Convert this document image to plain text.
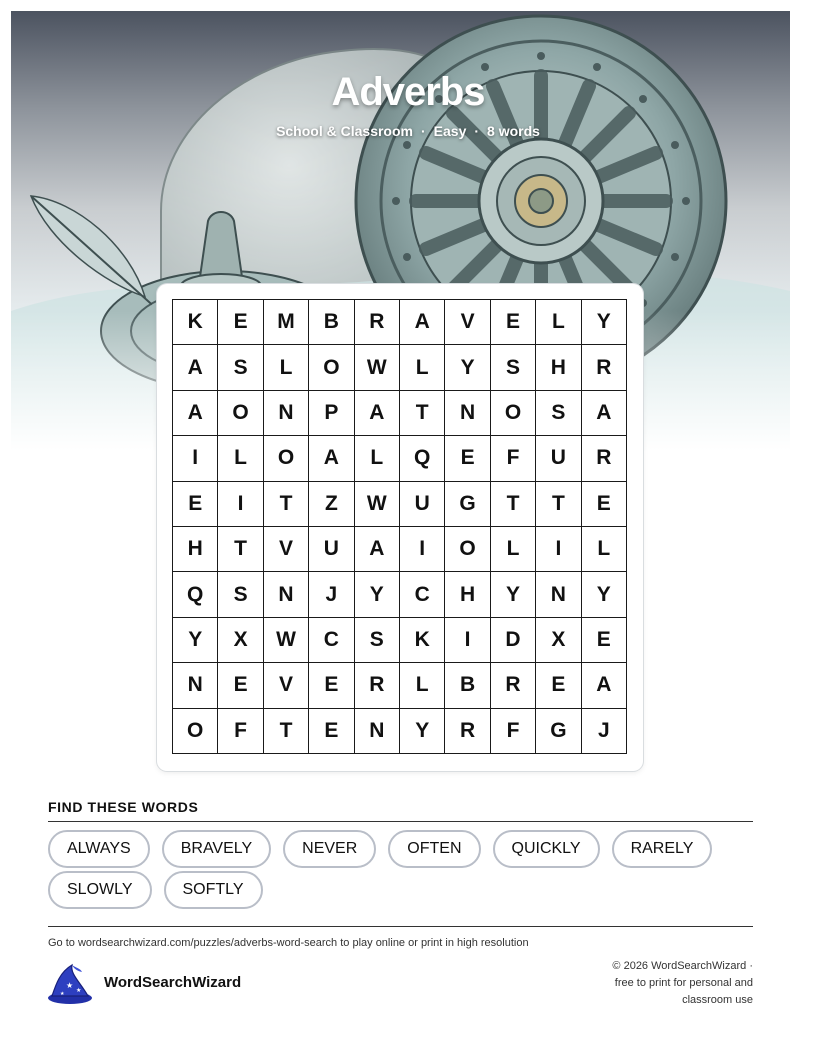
Adverbs
School & Classroom · Easy · 8 words
K	E	M	B	R	A	V	E	L	Y
A	S	L	O	W	L	Y	S	H	R
A	O	N	P	A	T	N	O	S	A
I	L	O	A	L	Q	E	F	U	R
E	I	T	Z	W	U	G	T	T	E
H	T	V	U	A	I	O	L	I	L
Q	S	N	J	Y	C	H	Y	N	Y
Y	X	W	C	S	K	I	D	X	E
N	E	V	E	R	L	B	R	E	A
O	F	T	E	N	Y	R	F	G	J
FIND THESE WORDS
ALWAYS	BRAVELY	NEVER	OFTEN	QUICKLY	RARELY
SLOWLY	SOFTLY
Go to wordsearchwizard.com/puzzles/adverbs-word-search to play online or print in high resolution
★
★
★
WordSearchWizard
© 2026 WordSearchWizard ·
free to print for personal and
classroom use
